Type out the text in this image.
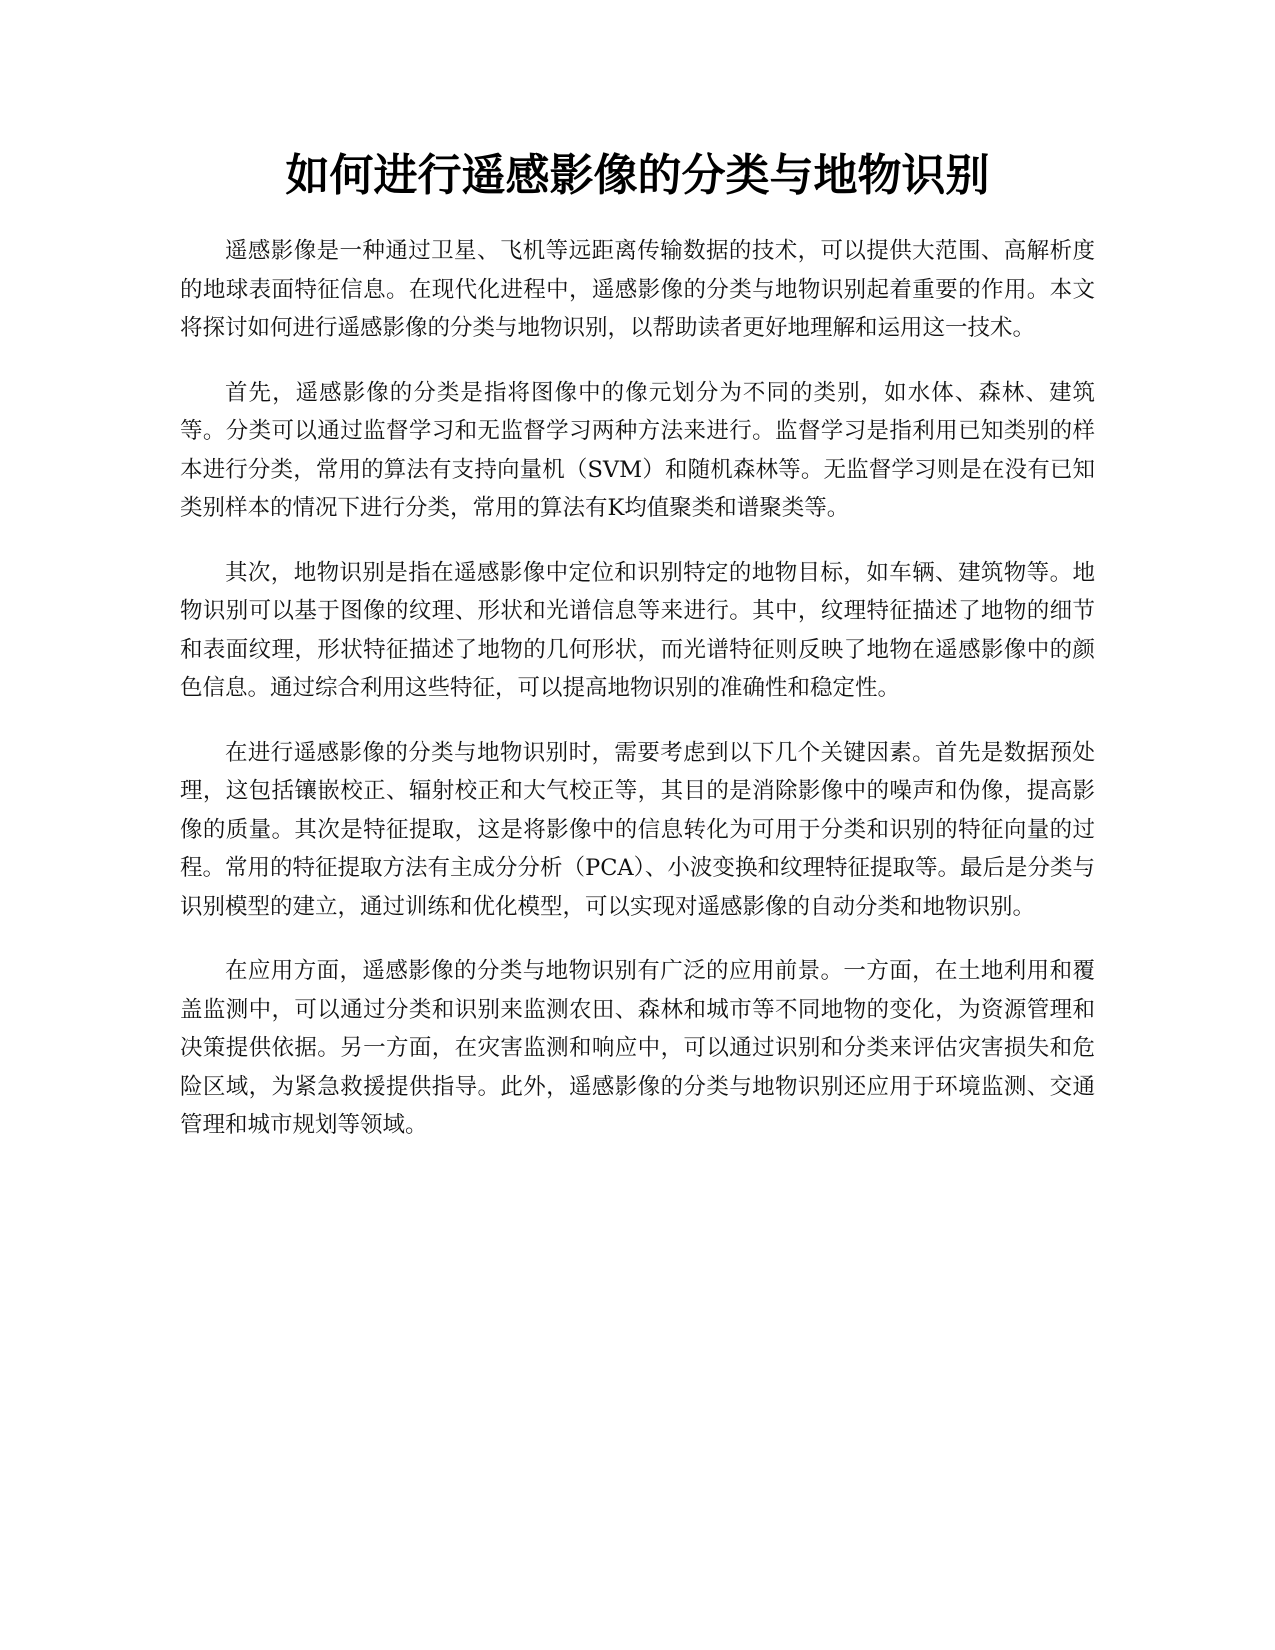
如何进行遥感影像的分类与地物识别

遥感影像是一种通过卫星、飞机等远距离传输数据的技术，可以提供大范围、高解析度的地球表面特征信息。在现代化进程中，遥感影像的分类与地物识别起着重要的作用。本文将探讨如何进行遥感影像的分类与地物识别，以帮助读者更好地理解和运用这一技术。

首先，遥感影像的分类是指将图像中的像元划分为不同的类别，如水体、森林、建筑等。分类可以通过监督学习和无监督学习两种方法来进行。监督学习是指利用已知类别的样本进行分类，常用的算法有支持向量机（SVM）和随机森林等。无监督学习则是在没有已知类别样本的情况下进行分类，常用的算法有K均值聚类和谱聚类等。

其次，地物识别是指在遥感影像中定位和识别特定的地物目标，如车辆、建筑物等。地物识别可以基于图像的纹理、形状和光谱信息等来进行。其中，纹理特征描述了地物的细节和表面纹理，形状特征描述了地物的几何形状，而光谱特征则反映了地物在遥感影像中的颜色信息。通过综合利用这些特征，可以提高地物识别的准确性和稳定性。

在进行遥感影像的分类与地物识别时，需要考虑到以下几个关键因素。首先是数据预处理，这包括镶嵌校正、辐射校正和大气校正等，其目的是消除影像中的噪声和伪像，提高影像的质量。其次是特征提取，这是将影像中的信息转化为可用于分类和识别的特征向量的过程。常用的特征提取方法有主成分分析（PCA）、小波变换和纹理特征提取等。最后是分类与识别模型的建立，通过训练和优化模型，可以实现对遥感影像的自动分类和地物识别。

在应用方面，遥感影像的分类与地物识别有广泛的应用前景。一方面，在土地利用和覆盖监测中，可以通过分类和识别来监测农田、森林和城市等不同地物的变化，为资源管理和决策提供依据。另一方面，在灾害监测和响应中，可以通过识别和分类来评估灾害损失和危险区域，为紧急救援提供指导。此外，遥感影像的分类与地物识别还应用于环境监测、交通管理和城市规划等领域。
